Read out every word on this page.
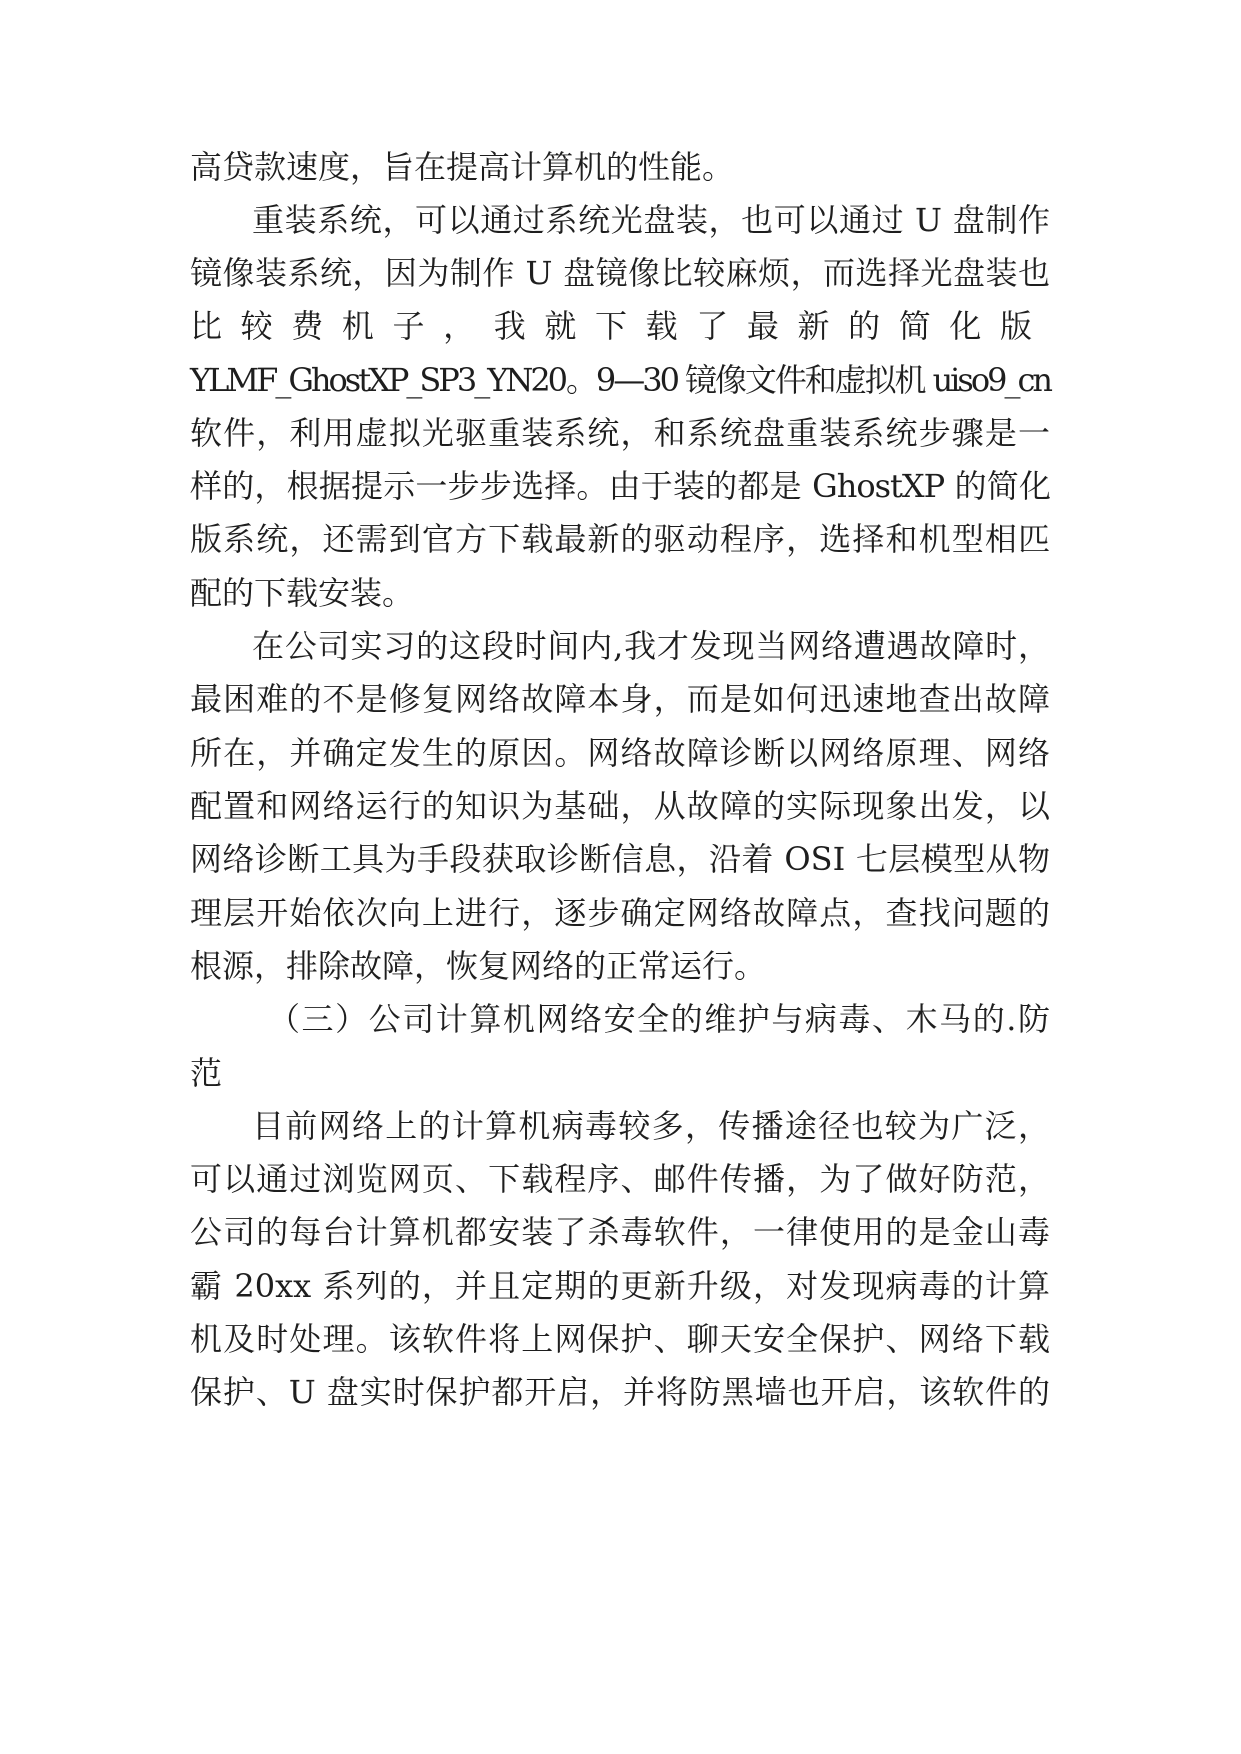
高贷款速度，旨在提高计算机的性能。
重装系统，可以通过系统光盘装，也可以通过 U 盘制作
镜像装系统，因为制作 U 盘镜像比较麻烦，而选择光盘装也
比较费机子，我就下载了最新的简化版
YLMF_GhostXP_SP3_YN20。9—30 镜像文件和虚拟机 uiso9_cn
软件，利用虚拟光驱重装系统，和系统盘重装系统步骤是一
样的，根据提示一步步选择。由于装的都是 GhostXP 的简化
版系统，还需到官方下载最新的驱动程序，选择和机型相匹
配的下载安装。
在公司实习的这段时间内,我才发现当网络遭遇故障时，
最困难的不是修复网络故障本身，而是如何迅速地查出故障
所在，并确定发生的原因。网络故障诊断以网络原理、网络
配置和网络运行的知识为基础，从故障的实际现象出发，以
网络诊断工具为手段获取诊断信息，沿着 OSI 七层模型从物
理层开始依次向上进行，逐步确定网络故障点，查找问题的
根源，排除故障，恢复网络的正常运行。
（三）公司计算机网络安全的维护与病毒、木马的.防
范
目前网络上的计算机病毒较多，传播途径也较为广泛，
可以通过浏览网页、下载程序、邮件传播，为了做好防范，
公司的每台计算机都安装了杀毒软件，一律使用的是金山毒
霸 20xx 系列的，并且定期的更新升级，对发现病毒的计算
机及时处理。该软件将上网保护、聊天安全保护、网络下载
保护、U 盘实时保护都开启，并将防黑墙也开启，该软件的
